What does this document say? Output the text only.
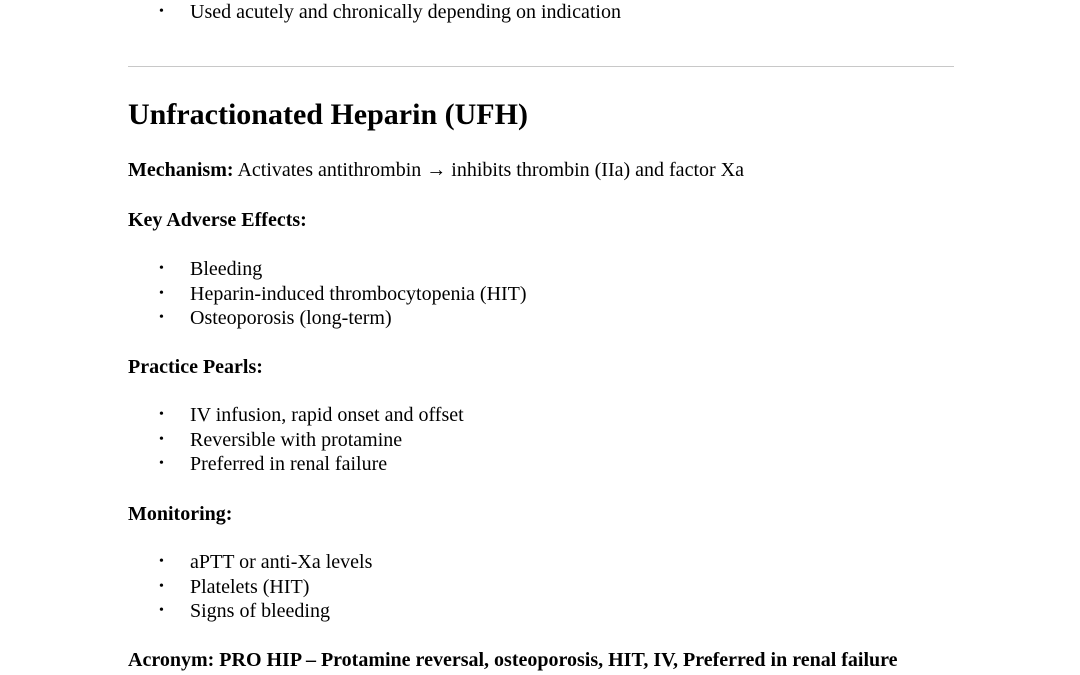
• Used acutely and chronically depending on indication
Unfractionated Heparin (UFH)

Mechanism: Activates antithrombin → inhibits thrombin (IIa) and factor Xa

Key Adverse Effects:

• Bleeding
• Heparin-induced thrombocytopenia (HIT)
• Osteoporosis (long-term)

Practice Pearls:

• IV infusion, rapid onset and offset
• Reversible with protamine
• Preferred in renal failure

Monitoring:

• aPTT or anti-Xa levels
• Platelets (HIT)
• Signs of bleeding

Acronym: PRO HIP – Protamine reversal, osteoporosis, HIT, IV, Preferred in renal failure
